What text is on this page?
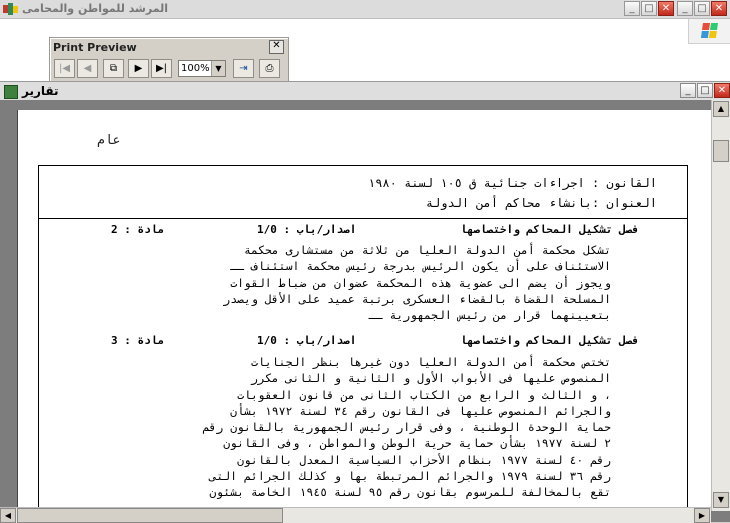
المرشد للمواطن والمحامى	_ □ ✕	_ □ ✕
Print Preview	✕
|◀	◀	⧉	▶	▶|	100% ▼	⇥	⎙
تقارير	_ □ ✕
عام
القانون : اجراءات جنائية ق ١٠٥ لسنة ١٩٨٠
العنوان :بانشاء محاكم أمن الدولة
فصل تشكيل المحاكم واختصاصها
اصدار/باب : 1/0
مادة : 2
تشكل محكمة أمن الدولة العليا من ثلاثة من مستشارى محكمة
الاستئناف على أن يكون الرئيس بدرجة رئيس محكمة استئناف ــ
ويجوز أن يضم الى عضوية هذه المحكمة عضوان من ضباط القوات
المسلحة القضاة بالقضاء العسكرى برتبة عميد على الأقل ويصدر
بتعيينهما قرار من رئيس الجمهورية ــ
فصل تشكيل المحاكم واختصاصها
اصدار/باب : 1/0
مادة : 3
تختص محكمة أمن الدولة العليا دون غيرها بنظر الجنايات
المنصوص عليها فى الأبواب الأول و الثانية و الثانى مكرر
، و الثالث و الرابع من الكتاب الثانى من قانون العقوبات
والجرائم المنصوص عليها فى القانون رقم ٣٤ لسنة ١٩٧٢ بشأن
حماية الوحدة الوطنية ، وفى قرار رئيس الجمهورية بالقانون رقم
٢ لسنة ١٩٧٧ بشأن حماية حرية الوطن والمواطن ، وفى القانون
رقم ٤٠ لسنة ١٩٧٧ بنظام الأحزاب السياسية المعدل بالقانون
رقم ٣٦ لسنة ١٩٧٩ والجرائم المرتبطة بها و كذلك الجرائم التى
تقع بالمخالفة للمرسوم بقانون رقم ٩٥ لسنة ١٩٤٥ الخاصة بشئون
▲
▼
◀	▶
